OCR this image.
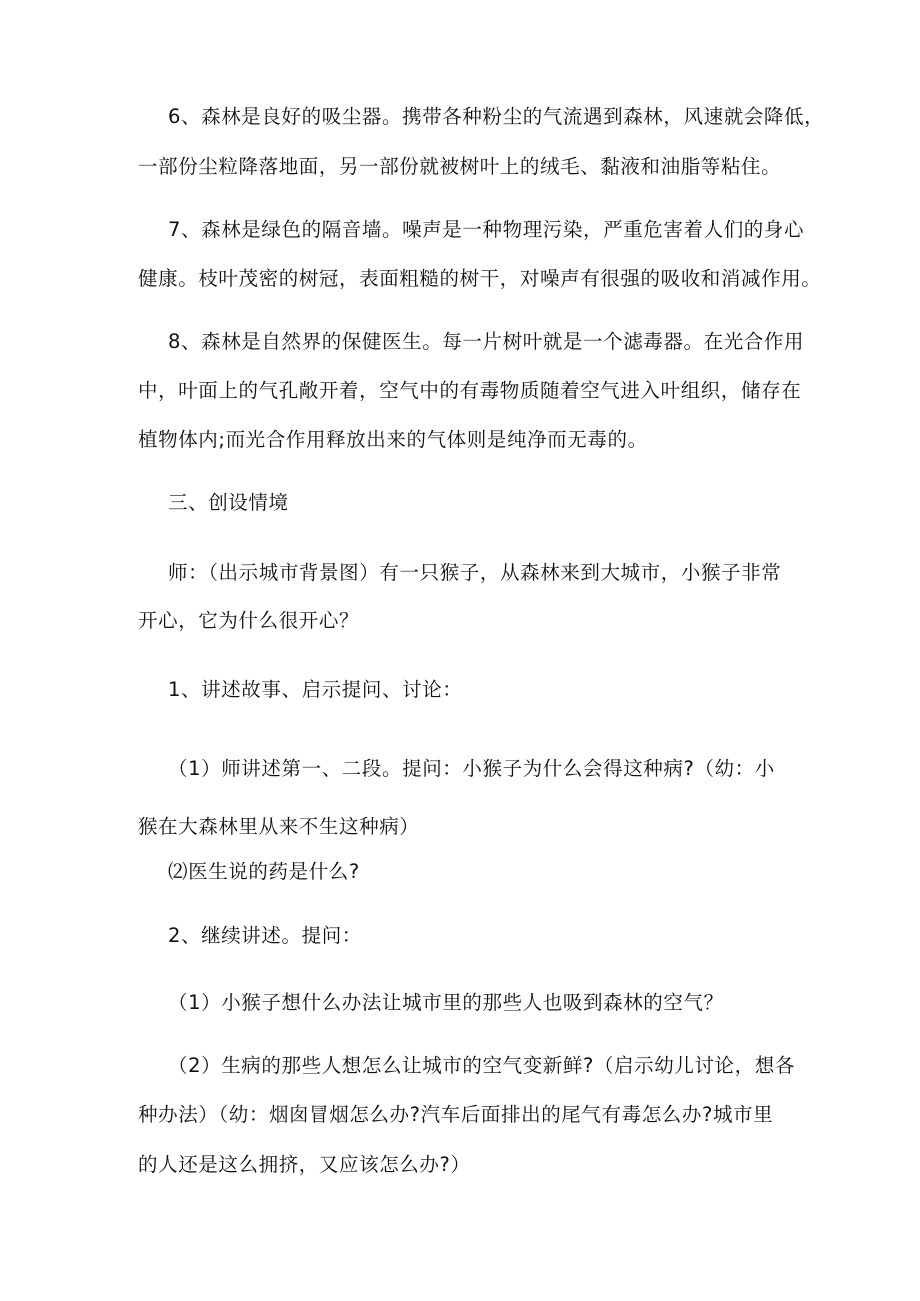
6、森林是良好的吸尘器。携带各种粉尘的气流遇到森林，风速就会降低，
一部份尘粒降落地面，另一部份就被树叶上的绒毛、黏液和油脂等粘住。
7、森林是绿色的隔音墙。噪声是一种物理污染，严重危害着人们的身心
健康。枝叶茂密的树冠，表面粗糙的树干，对噪声有很强的吸收和消减作用。
8、森林是自然界的保健医生。每一片树叶就是一个滤毒器。在光合作用
中，叶面上的气孔敞开着，空气中的有毒物质随着空气进入叶组织，储存在
植物体内;而光合作用释放出来的气体则是纯净而无毒的。
三、创设情境
师：（出示城市背景图）有一只猴子，从森林来到大城市，小猴子非常
开心，它为什么很开心？
1、讲述故事、启示提问、讨论：
（1）师讲述第一、二段。提问：小猴子为什么会得这种病?（幼：小
猴在大森林里从来不生这种病）
⑵医生说的药是什么?
2、继续讲述。提问：
（1）小猴子想什么办法让城市里的那些人也吸到森林的空气？
（2）生病的那些人想怎么让城市的空气变新鲜?（启示幼儿讨论，想各
种办法）（幼：烟囱冒烟怎么办?汽车后面排出的尾气有毒怎么办?城市里
的人还是这么拥挤，又应该怎么办?）
